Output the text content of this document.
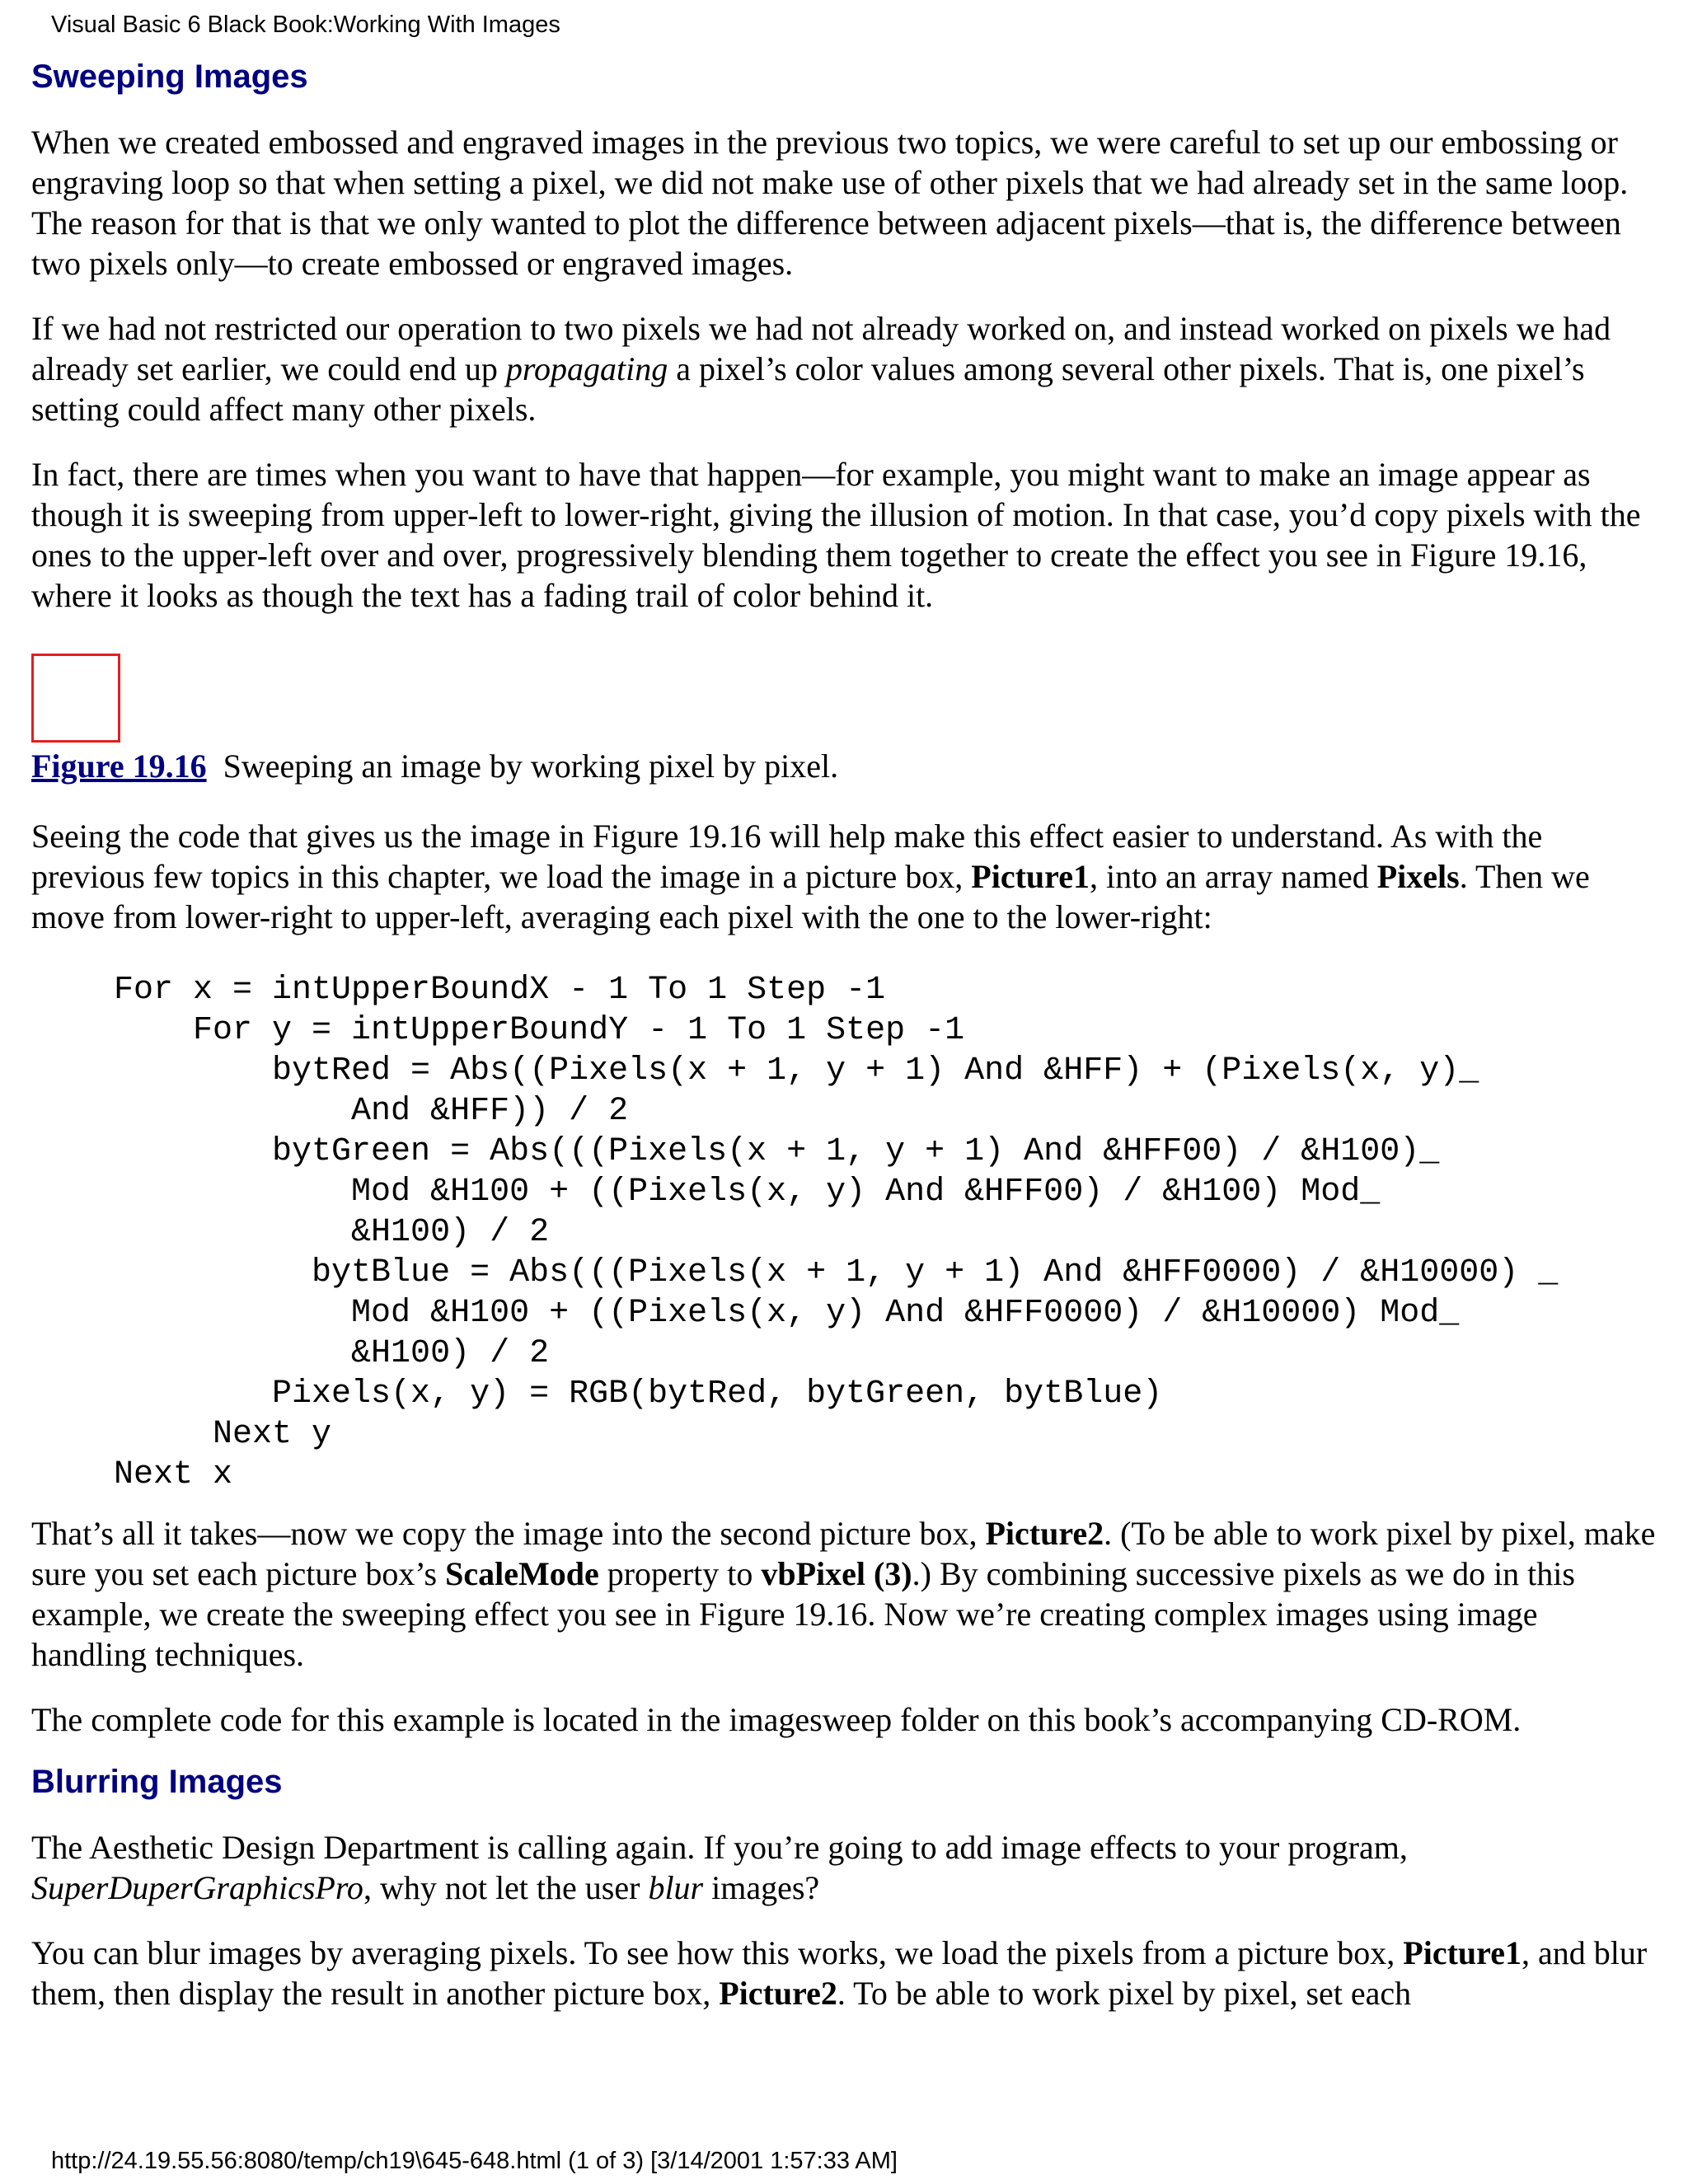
Visual Basic 6 Black Book:Working With Images
Sweeping Images

When we created embossed and engraved images in the previous two topics, we were careful to set up our embossing or engraving loop so that when setting a pixel, we did not make use of other pixels that we had already set in the same loop. The reason for that is that we only wanted to plot the difference between adjacent pixels—that is, the difference between two pixels only—to create embossed or engraved images.

If we had not restricted our operation to two pixels we had not already worked on, and instead worked on pixels we had already set earlier, we could end up propagating a pixel’s color values among several other pixels. That is, one pixel’s setting could affect many other pixels.

In fact, there are times when you want to have that happen—for example, you might want to make an image appear as though it is sweeping from upper-left to lower-right, giving the illusion of motion. In that case, you’d copy pixels with the ones to the upper-left over and over, progressively blending them together to create the effect you see in Figure 19.16, where it looks as though the text has a fading trail of color behind it.

Figure 19.16 Sweeping an image by working pixel by pixel.

Seeing the code that gives us the image in Figure 19.16 will help make this effect easier to understand. As with the previous few topics in this chapter, we load the image in a picture box, Picture1, into an array named Pixels. Then we move from lower-right to upper-left, averaging each pixel with the one to the lower-right:

For x = intUpperBoundX - 1 To 1 Step -1
For y = intUpperBoundY - 1 To 1 Step -1
bytRed = Abs((Pixels(x + 1, y + 1) And &HFF) + (Pixels(x, y)_
And &HFF)) / 2
bytGreen = Abs(((Pixels(x + 1, y + 1) And &HFF00) / &H100)_
Mod &H100 + ((Pixels(x, y) And &HFF00) / &H100) Mod_
&H100) / 2
bytBlue = Abs(((Pixels(x + 1, y + 1) And &HFF0000) / &H10000) _
Mod &H100 + ((Pixels(x, y) And &HFF0000) / &H10000) Mod_
&H100) / 2
Pixels(x, y) = RGB(bytRed, bytGreen, bytBlue)
Next y
Next x

That’s all it takes—now we copy the image into the second picture box, Picture2. (To be able to work pixel by pixel, make sure you set each picture box’s ScaleMode property to vbPixel (3).) By combining successive pixels as we do in this example, we create the sweeping effect you see in Figure 19.16. Now we’re creating complex images using image handling techniques.

The complete code for this example is located in the imagesweep folder on this book’s accompanying CD-ROM.

Blurring Images

The Aesthetic Design Department is calling again. If you’re going to add image effects to your program, SuperDuperGraphicsPro, why not let the user blur images?

You can blur images by averaging pixels. To see how this works, we load the pixels from a picture box, Picture1, and blur them, then display the result in another picture box, Picture2. To be able to work pixel by pixel, set each

http://24.19.55.56:8080/temp/ch19\645-648.html (1 of 3) [3/14/2001 1:57:33 AM]
